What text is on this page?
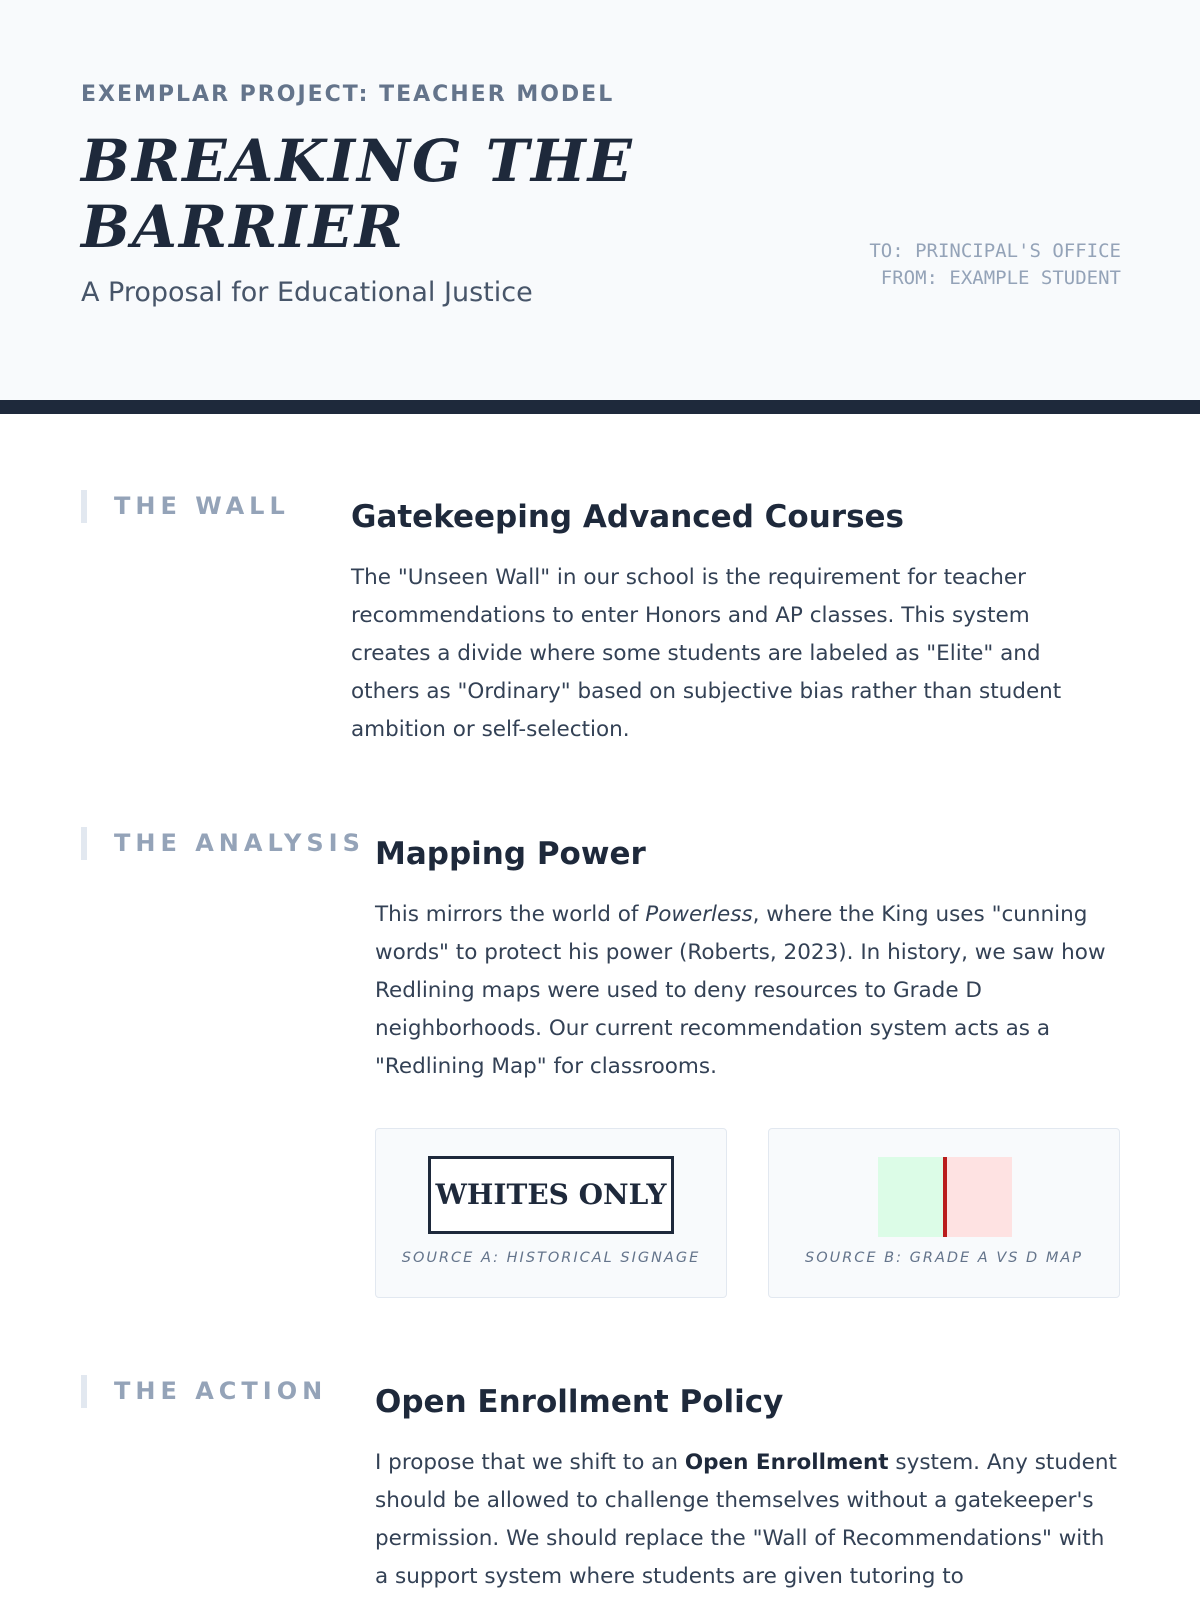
EXEMPLAR PROJECT: TEACHER MODEL
BREAKING THE BARRIER
A Proposal for Educational Justice
TO: PRINCIPAL'S OFFICE
FROM: EXAMPLE STUDENT
THE WALL Gatekeeping Advanced Courses

The "Unseen Wall" in our school is the requirement for teacher recommendations to enter Honors and AP classes. This system creates a divide where some students are labeled as "Elite" and others as "Ordinary" based on subjective bias rather than student ambition or self-selection.

THE ANALYSIS Mapping Power

This mirrors the world of Powerless, where the King uses "cunning words" to protect his power (Roberts, 2023). In history, we saw how Redlining maps were used to deny resources to Grade D neighborhoods. Our current recommendation system acts as a "Redlining Map" for classrooms.

WHITES ONLY
SOURCE A: HISTORICAL SIGNAGE	SOURCE B: GRADE A VS D MAP
THE ACTION Open Enrollment Policy

I propose that we shift to an Open Enrollment system. Any student should be allowed to challenge themselves without a gatekeeper's permission. We should replace the "Wall of Recommendations" with a support system where students are given tutoring to
